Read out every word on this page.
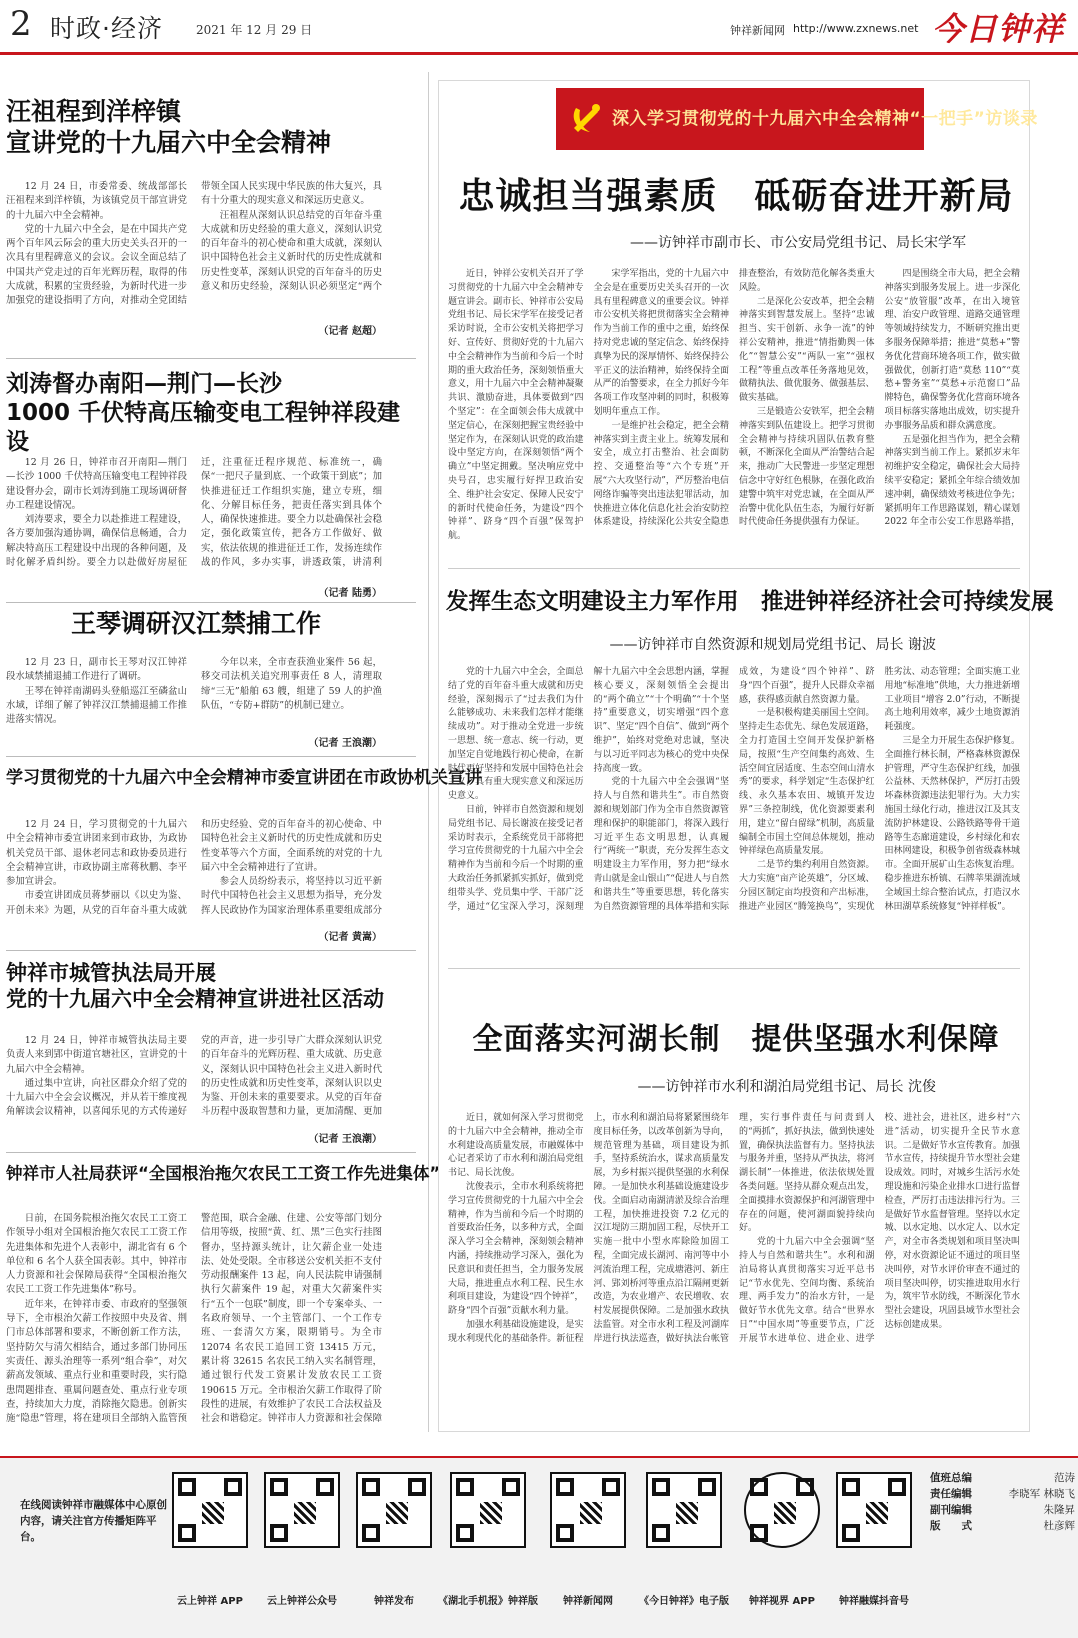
2 时政·经济	2021 年 12 月 29 日	钟祥新闻网 http://www.zxnews.net 今日钟祥
汪祖程到洋梓镇
宣讲党的十九届六中全会精神

12 月 24 日，市委常委、统战部部长汪祖程来到洋梓镇，为该镇党员干部宣讲党的十九届六中全会精神。

党的十九届六中全会，是在中国共产党两个百年风云际会的重大历史关头召开的一次具有里程碑意义的会议。会议全面总结了中国共产党走过的百年光辉历程，取得的伟大成就，积累的宝贵经验，为新时代进一步加强党的建设指明了方向，对推动全党团结带领全国人民实现中华民族的伟大复兴，具有十分重大的现实意义和深远历史意义。

汪祖程从深刻认识总结党的百年奋斗重大成就和历史经验的重大意义，深刻认识党的百年奋斗的初心使命和重大成就，深刻认识中国特色社会主义新时代的历史性成就和历史性变革，深刻认识党的百年奋斗的历史意义和历史经验，深刻认识必须坚定“两个

（记者 赵超）
刘涛督办南阳—荆门—长沙
1000 千伏特高压输变电工程钟祥段建设

12 月 26 日，钟祥市召开南阳—荆门—长沙 1000 千伏特高压输变电工程钟祥段建设督办会，副市长刘涛到施工现场调研督办工程建设情况。

刘涛要求，要全力以赴推进工程建设，各方要加强沟通协调，确保信息畅通，合力解决特高压工程建设中出现的各种问题，及时化解矛盾纠纷。要全力以赴做好房屋征迁，注重征迁程序规范、标准统一，确保“一把尺子量到底、一个政策干到底”；加快推进征迁工作组织实施，建立专班，细化、分解目标任务，把责任落实到具体个人，确保快速推进。要全力以赴确保社会稳定，强化政策宣传，把各方工作做好、做实，依法依规的推进征迁工作，发扬连续作战的作风，多办实事，讲透政策，讲清利

（记者 陆勇）
王琴调研汉江禁捕工作

12 月 23 日，副市长王琴对汉江钟祥段水域禁捕退捕工作进行了调研。

王琴在钟祥南湖码头登船巡江至磷盆山水域，详细了解了钟祥汉江禁捕退捕工作推进落实情况。

今年以来，全市查获渔业案件 56 起，移交司法机关追究刑事责任 8 人，清理取缔“三无”船舶 63 艘，组建了 59 人的护渔队伍，“专防+群防”的机制已建立。

（记者 王浪潮）
学习贯彻党的十九届六中全会精神市委宣讲团在市政协机关宣讲

12 月 24 日，学习贯彻党的十九届六中全会精神市委宣讲团来到市政协，为政协机关党员干部、退休老同志和政协委员进行全会精神宣讲，市政协副主席蒋秋鹏、李平参加宣讲会。

市委宣讲团成员蒋梦丽以《以史为鉴、开创未来》为题，从党的百年奋斗重大成就和历史经验、党的百年奋斗的初心使命、中国特色社会主义新时代的历史性成就和历史性变革等六个方面，全面系统的对党的十九届六中全会精神进行了宣讲。

参会人员纷纷表示，将坚持以习近平新时代中国特色社会主义思想为指导，充分发挥人民政协作为国家治理体系重要组成部分

（记者 黄嵩）
钟祥市城管执法局开展
党的十九届六中全会精神宣讲进社区活动

12 月 24 日，钟祥市城管执法局主要负责人来到郢中街道官塘社区，宣讲党的十九届六中全会精神。

通过集中宣讲，向社区群众介绍了党的十九届六中全会会议概况，并从若干维度视角解读会议精神，以喜闻乐见的方式传递好党的声音，进一步引导广大群众深刻认识党的百年奋斗的光辉历程、重大成就、历史意义，深刻认识中国特色社会主义进入新时代的历史性成就和历史性变革，深刻认识以史为鉴、开创未来的重要要求。从党的百年奋斗历程中汲取智慧和力量，更加清醒、更加

（记者 王浪潮）
钟祥市人社局获评“全国根治拖欠农民工工资工作先进集体”

日前，在国务院根治拖欠农民工工资工作领导小组对全国根治拖欠农民工工资工作先进集体和先进个人表彰中，湖北省有 6 个单位和 6 名个人获全国表彰。其中，钟祥市人力资源和社会保障局获得“全国根治拖欠农民工工资工作先进集体”称号。

近年来，在钟祥市委、市政府的坚强领导下，全市根治欠薪工作按照中央及省、荆门市总体部署和要求，不断创新工作方法，坚持防欠与清欠相结合，通过多部门协同压实责任、源头治理等一系列“组合拳”，对欠薪高发领域、重点行业和重要时段，实行隐患問题排查、重属问题查处、重点行业专项查，持续加大力度，消除拖欠隐患。创新实施“隐患”管理，将在建项目全部纳入监管预警范围，联合金融、住建、公安等部门划分信用等级，按照“黄、红、黑”三色实行挂图督办，坚持源头统计，让欠薪企业一处违法、处处受限。全市移送公安机关拒不支付劳动报酬案件 13 起，向人民法院申请强制执行欠薪案件 19 起，对重大欠薪案件实行“五个一包联”制度，即一个专案牵头、一名政府领导、一个主管部门、一个工作专班、一套清欠方案，限期销号。为全市 12074 名农民工追回工资 13415 万元，累计将 32615 名农民工纳入实名制管理，通过银行代发工资累计发放农民工工资 190615 万元。全市根治欠薪工作取得了阶段性的进展，有效维护了农民工合法权益及社会和谐稳定。钟祥市人力资源和社会保障

深入学习贯彻党的十九届六中全会精神“一把手”访谈录
忠诚担当强素质　砥砺奋进开新局
——访钟祥市副市长、市公安局党组书记、局长宋学军

近日，钟祥公安机关召开了学习贯彻党的十九届六中全会精神专题宣讲会。副市长、钟祥市公安局党组书记、局长宋学军在接受记者采访时说，全市公安机关将把学习好、宣传好、贯彻好党的十九届六中全会精神作为当前和今后一个时期的重大政治任务，深刻领悟重大意义，用十九届六中全会精神凝聚共识、激励奋进，具体要做到“四个坚定”：在全面领会伟大成就中坚定信心，在深刻把握宝贵经验中坚定作为，在深刻认识党的政治建设中坚定方向，在深刻领悟“两个确立”中坚定拥戴。坚决响应党中央号召，忠实履行好捍卫政治安全、维护社会安定、保障人民安宁的新时代使命任务，为建设“四个钟祥”、跻身“四个百强”保驾护航。

宋学军指出，党的十九届六中全会是在重要历史关头召开的一次具有里程碑意义的重要会议。钟祥市公安机关将把贯彻落实全会精神作为当前工作的重中之重，始终保持对党忠诚的坚定信念、始终保持真挚为民的深厚情怀、始终保持公平正义的法治精神，始终保持全面从严的治警要求，在全力抓好今年各项工作攻坚冲刺的同时，积极筹划明年重点工作。

一是维护社会稳定，把全会精神落实到主责主业上。统筹发展和安全，成立打击整治、社会面防控、交通整治等“六个专班”开展“六大攻坚行动”，严厉整治电信网络诈骗等突出违法犯罪活动，加快推进立体化信息化社会治安防控体系建设，持续深化公共安全隐患排查整治，有效防范化解各类重大风险。

二是深化公安改革，把全会精神落实到智慧发展上。坚持“忠诚担当、实干创新、永争一流”的钟祥公安精神，推进“情指勤舆一体化”“智慧公安”“两队一室”“强权工程”等重点改革任务落地见效，做精执法、做优服务、做强基层、做实基础。

三是锻造公安铁军，把全会精神落实到队伍建设上。把学习贯彻全会精神与持续巩固队伍教育整顿，不断深化全面从严治警结合起来，推动广大民警进一步坚定理想信念中守好红色根脉，在强化政治建警中筑牢对党忠诚，在全面从严治警中优化队伍生态，为履行好新时代使命任务提供强有力保证。

四是围绕全市大局，把全会精神落实到服务发展上。进一步深化公安“放管服”改革，在出入境管理、治安户政管理、道路交通管理等领域持续发力，不断研究推出更多服务保障举措；推进“莫愁+”警务优化营商环境各项工作，做实做强做优，创新打造“莫愁 110”“莫愁+警务室”“莫愁+示范窗口”品牌特色，确保警务优化营商环境各项目标落实落地出成效，切实提升办事服务品质和群众满意度。

五是强化担当作为，把全会精神落实到当前工作上。紧抓岁末年初维护安全稳定，确保社会大局持续平安稳定；紧抓全年综合绩效加速冲刺，确保绩效考核进位争先；紧抓明年工作思路谋划，精心谋划 2022 年全市公安工作思路举措，

发挥生态文明建设主力军作用　推进钟祥经济社会可持续发展
——访钟祥市自然资源和规划局党组书记、局长 谢波

党的十九届六中全会，全面总结了党的百年奋斗重大成就和历史经验，深刻揭示了“过去我们为什么能够成功、未来我们怎样才能继续成功”。对于推动全党进一步统一思想、统一意志、统一行动，更加坚定自觉地践行初心使命，在新时代更好坚持和发展中国特色社会主义，具有重大现实意义和深远历史意义。

日前，钟祥市自然资源和规划局党组书记、局长谢波在接受记者采访时表示，全系统党员干部将把学习宣传贯彻党的十九届六中全会精神作为当前和今后一个时期的重大政治任务抓紧抓实抓好，做到党组带头学、党员集中学、干部广泛学，通过“亿宝深入学习，深刻理解十九届六中全会思想内涵，掌握核心要义，深刻领悟全会提出的“两个确立”“十个明确”“十个坚持”重要意义，切实增强“四个意识”、坚定“四个自信”、做到“两个维护”，始终对党绝对忠诚，坚决与以习近平同志为核心的党中央保持高度一致。

党的十九届六中全会强调“坚持人与自然和谐共生”。市自然资源和规划部门作为全市自然资源管理和保护的职能部门，将深入践行习近平生态文明思想，认真履行“两统一”职责，充分发挥生态文明建设主力军作用，努力把“绿水青山就是金山银山”“促进人与自然和谐共生”等重要思想，转化落实为自然资源管理的具体举措和实际成效，为建设“四个钟祥”、跻身“四个百强”，提升人民群众幸福感，获得感贡献自然资源力量。

一是积极构建美丽国土空间。坚持走生态优先、绿色发展道路，全力打造国土空间开发保护新格局，按照“生产空间集约高效、生活空间宜居适度、生态空间山清水秀”的要求，科学划定“生态保护红线、永久基本农田、城镇开发边界”三条控制线，优化资源要素利用，建立“留白留绿”机制，高质量编制全市国土空间总体规划，推动钟祥绿色高质量发展。

二是节约集约利用自然资源。大力实施“亩产论英雄”，分区域、分园区制定亩均投资和产出标准，推进产业园区“腾笼换鸟”，实现优胜劣汰、动态管理；全面实施工业用地“标准地”供地，大力推进新增工业项目“增容 2.0”行动，不断提高土地利用效率，减少土地资源消耗强度。

三是全力开展生态保护修复。全面推行林长制，严格森林资源保护管理，严守生态保护红线，加强公益林、天然林保护，严厉打击毁坏森林资源违法犯罪行为。大力实施国土绿化行动，推进汉江及其支流防护林建设、公路铁路等骨干道路等生态廊道建设，乡村绿化和农田林网建设，积极争创省级森林城市。全面开展矿山生态恢复治理。稳步推进东桥镇、石牌莘果湖流域全域国土综合整治试点，打造汉水林田湖草系统修复“钟祥样板”。

全面落实河湖长制　提供坚强水利保障
——访钟祥市水利和湖泊局党组书记、局长 沈俊

近日，就如何深入学习贯彻党的十九届六中全会精神，推动全市水利建设高质量发展，市融媒体中心记者采访了市水利和湖泊局党组书记、局长沈俊。

沈俊表示，全市水利系统将把学习宣传贯彻党的十九届六中全会精神，作为当前和今后一个时期的首要政治任务，以多种方式，全面深入学习全会精神，深刻领会精神内涵，持续推动学习深入，强化为民意识和责任担当，全力服务发展大局，推进重点水利工程、民生水利项目建设，为建设“四个钟祥”，跻身“四个百强”贡献水利力量。

加强水利基础设施建设，是实现水利现代化的基础条件。新征程上，市水利和湖泊局将紧紧围绕年度目标任务，以改革创新为导向，规范管理为基础，项目建设为抓手，坚持系统治水，谋求高质量发展，为乡村振兴提供坚强的水利保障。一是加快水利基础设施建设步伐。全面启动南湖清淤及综合治理工程，加快推进投资 7.2 亿元的汉江堤防三期加固工程，尽快开工实施一批中小型水库除险加固工程，全面完成长湖河、南河等中小河流治理工程，完成塘港河、新庄河、郢刘桥河等重点沿江隔闸更新改造，为农业增产、农民增收、农村发展提供保障。二是加强水政执法监管。对全市水利工程及河湖库岸进行执法巡查，做好执法台帐管理，实行事件责任与问责到人的“两抓”，抓好执法，做到快速处置，确保执法监督有力。坚持执法与服务并重，坚持从严执法，将河湖长制”一体推进，依法依规处置各类问题。坚持从群众观点出发，全面摸排水资源保护和河湖管理中存在的问题，使河湖面貌持续向好。

党的十九届六中全会强调“坚持人与自然和谐共生”。水利和湖泊局将认真贯彻落实习近平总书记“节水优先、空间均衡、系统治理、两手发力”的治水方针，一是做好节水优先文章。结合“世界水日”“中国水周”等重要节点，广泛开展节水进单位、进企业、进学校、进社会，进社区，进乡村“六进”活动，切实提升全民节水意识。二是做好节水宣传教育。加强节水宣传，持续提升节水型社会建设成效。同时，对城乡生活污水处理设施和污染企业排水口进行监督检查，严厉打击违法排污行为。三是做好节水监督管理。坚持以水定城、以水定地、以水定人、以水定产，对全市各类规划和项目坚决叫停，对水资源论证不通过的项目坚决叫停，对节水评价审查不通过的项目坚决叫停，切实推进取用水行为，筑牢节水防线，不断深化节水型社会建设，巩固县域节水型社会达标创建成果。

在线阅读钟祥市融媒体中心原创内容，请关注官方传播矩阵平台。
云上钟祥 APP	云上钟祥公众号	钟祥发布	《湖北手机报》钟祥版	钟祥新闻网	《今日钟祥》电子版	钟祥视界 APP	钟祥融媒抖音号
值班总编	范涛
责任编辑	李晓军 林晓飞
副刊编辑	朱隆昇
版　　式	杜彦辉
